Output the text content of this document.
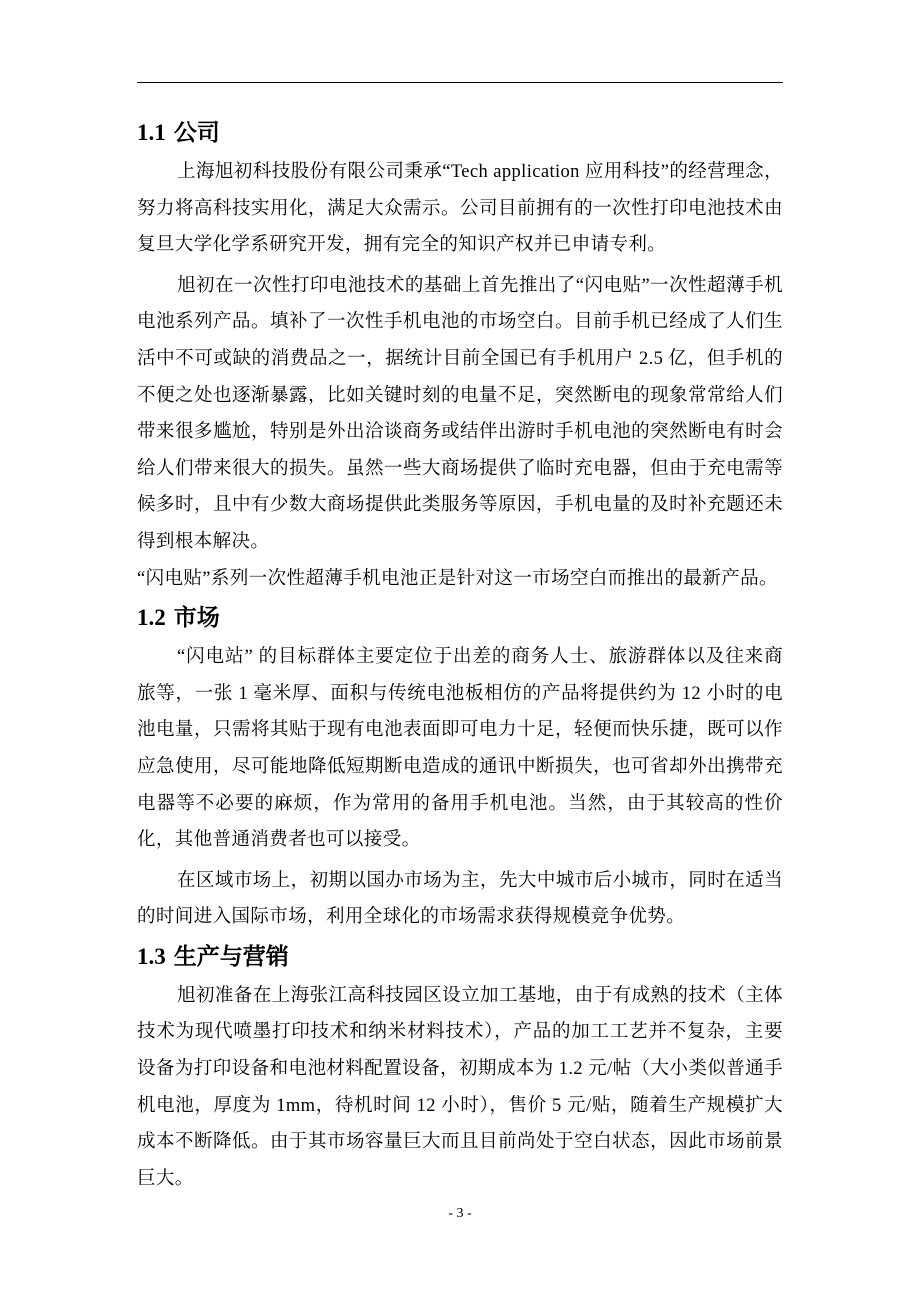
1.1 公司

上海旭初科技股份有限公司秉承“Tech application 应用科技”的经营理念，努力将高科技实用化，满足大众需示。公司目前拥有的一次性打印电池技术由复旦大学化学系研究开发，拥有完全的知识产权并已申请专利。

旭初在一次性打印电池技术的基础上首先推出了“闪电贴”一次性超薄手机电池系列产品。填补了一次性手机电池的市场空白。目前手机已经成了人们生活中不可或缺的消费品之一，据统计目前全国已有手机用户 2.5 亿，但手机的不便之处也逐渐暴露，比如关键时刻的电量不足，突然断电的现象常常给人们带来很多尴尬，特别是外出洽谈商务或结伴出游时手机电池的突然断电有时会给人们带来很大的损失。虽然一些大商场提供了临时充电器，但由于充电需等候多时，且中有少数大商场提供此类服务等原因，手机电量的及时补充题还未得到根本解决。

“闪电贴”系列一次性超薄手机电池正是针对这一市场空白而推出的最新产品。

1.2 市场

“闪电站” 的目标群体主要定位于出差的商务人士、旅游群体以及往来商旅等，一张 1 毫米厚、面积与传统电池板相仿的产品将提供约为 12 小时的电池电量，只需将其贴于现有电池表面即可电力十足，轻便而快乐捷，既可以作应急使用，尽可能地降低短期断电造成的通讯中断损失，也可省却外出携带充电器等不必要的麻烦，作为常用的备用手机电池。当然，由于其较高的性价化，其他普通消费者也可以接受。

在区域市场上，初期以国办市场为主，先大中城市后小城市，同时在适当的时间进入国际市场，利用全球化的市场需求获得规模竞争优势。

1.3 生产与营销

旭初准备在上海张江高科技园区设立加工基地，由于有成熟的技术（主体技术为现代喷墨打印技术和纳米材料技术），产品的加工工艺并不复杂，主要设备为打印设备和电池材料配置设备，初期成本为 1.2 元/帖（大小类似普通手机电池，厚度为 1mm，待机时间 12 小时），售价 5 元/贴，随着生产规模扩大成本不断降低。由于其市场容量巨大而且目前尚处于空白状态，因此市场前景巨大。

- 3 -
